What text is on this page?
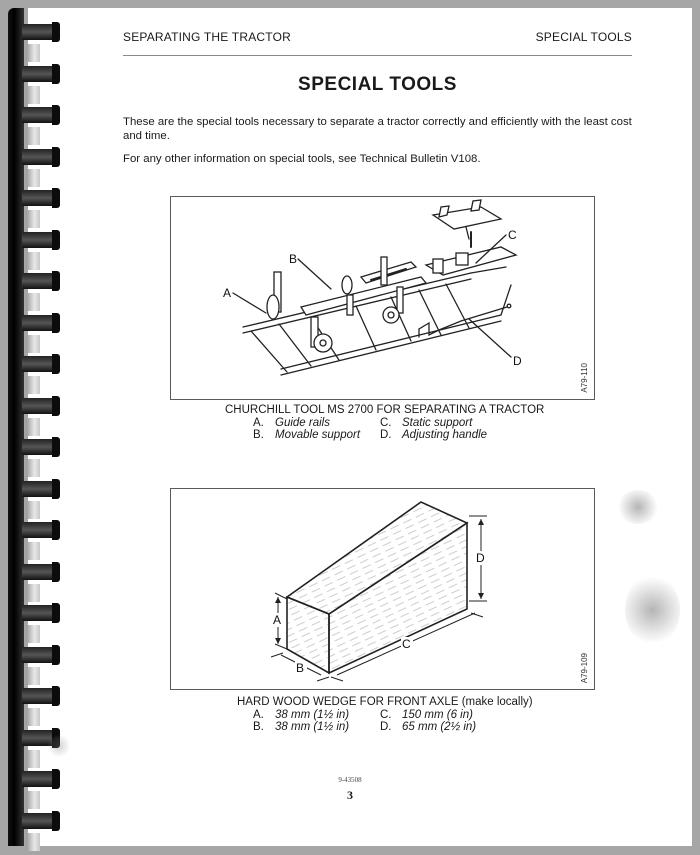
SEPARATING THE TRACTOR	SPECIAL TOOLS
SPECIAL TOOLS
These are the special tools necessary to separate a tractor correctly and efficiently with the least cost and time.
For any other information on special tools, see Technical Bulletin V108.
A
B
C
D
A79-110
CHURCHILL TOOL MS 2700 FOR SEPARATING A TRACTOR
A. Guide rails	C. Static support
B. Movable support	D. Adjusting handle
A
B
C
D
A79-109
HARD WOOD WEDGE FOR FRONT AXLE (make locally)
A. 38 mm (1½ in)	C. 150 mm (6 in)
B. 38 mm (1½ in)	D. 65 mm (2½ in)
9-43508
3
